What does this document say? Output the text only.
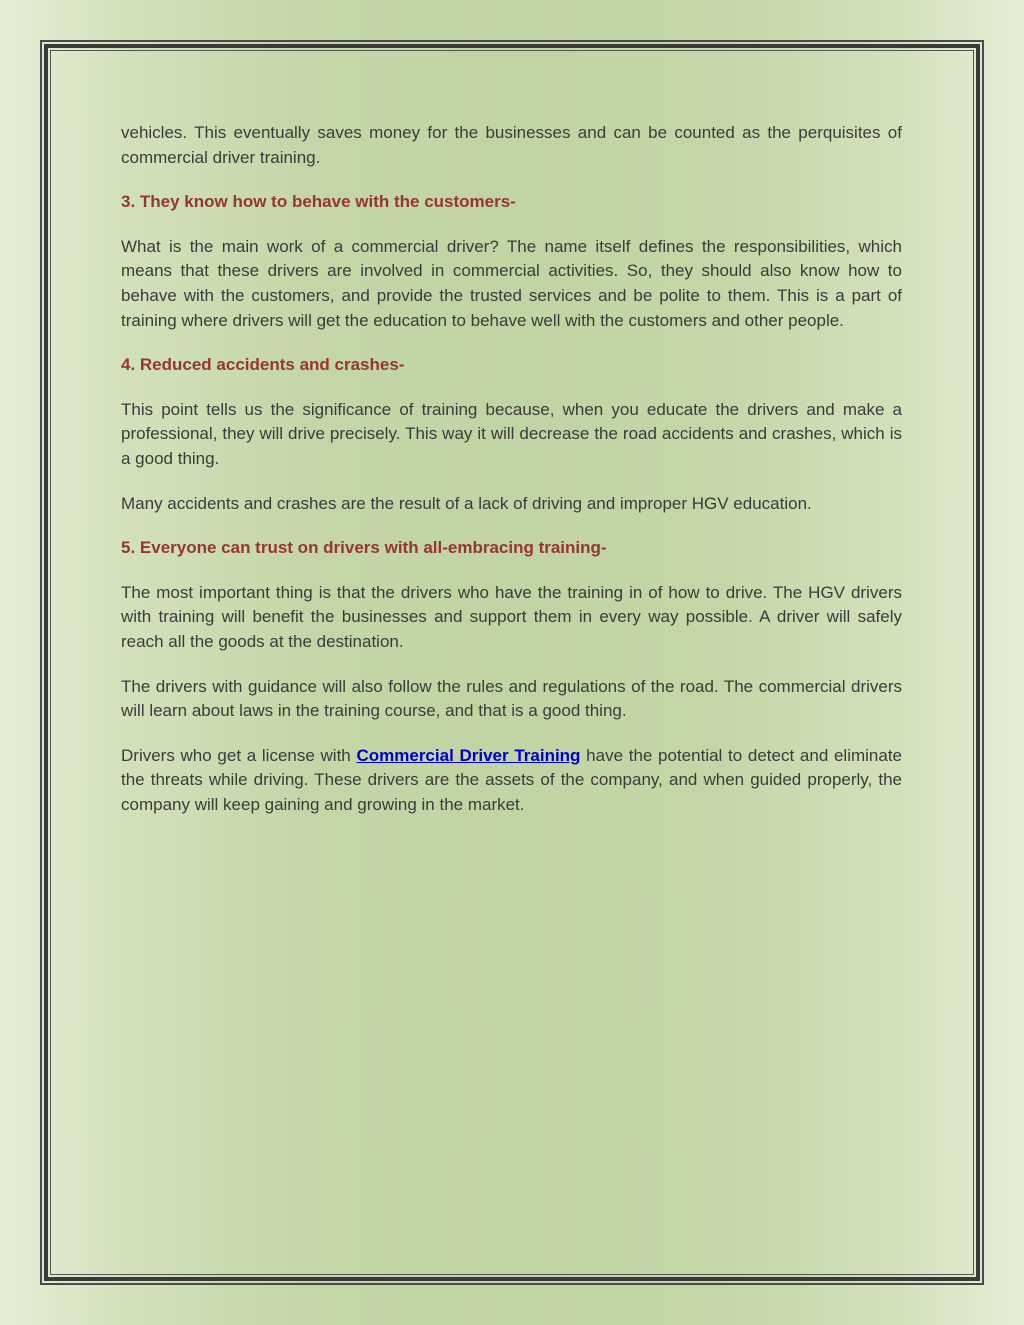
vehicles. This eventually saves money for the businesses and can be counted as the perquisites of commercial driver training.

3. They know how to behave with the customers-

What is the main work of a commercial driver? The name itself defines the responsibilities, which means that these drivers are involved in commercial activities. So, they should also know how to behave with the customers, and provide the trusted services and be polite to them. This is a part of training where drivers will get the education to behave well with the customers and other people.

4. Reduced accidents and crashes-

This point tells us the significance of training because, when you educate the drivers and make a professional, they will drive precisely. This way it will decrease the road accidents and crashes, which is a good thing.

Many accidents and crashes are the result of a lack of driving and improper HGV education.

5. Everyone can trust on drivers with all-embracing training-

The most important thing is that the drivers who have the training in of how to drive. The HGV drivers with training will benefit the businesses and support them in every way possible. A driver will safely reach all the goods at the destination.

The drivers with guidance will also follow the rules and regulations of the road. The commercial drivers will learn about laws in the training course, and that is a good thing.

Drivers who get a license with Commercial Driver Training have the potential to detect and eliminate the threats while driving. These drivers are the assets of the company, and when guided properly, the company will keep gaining and growing in the market.
